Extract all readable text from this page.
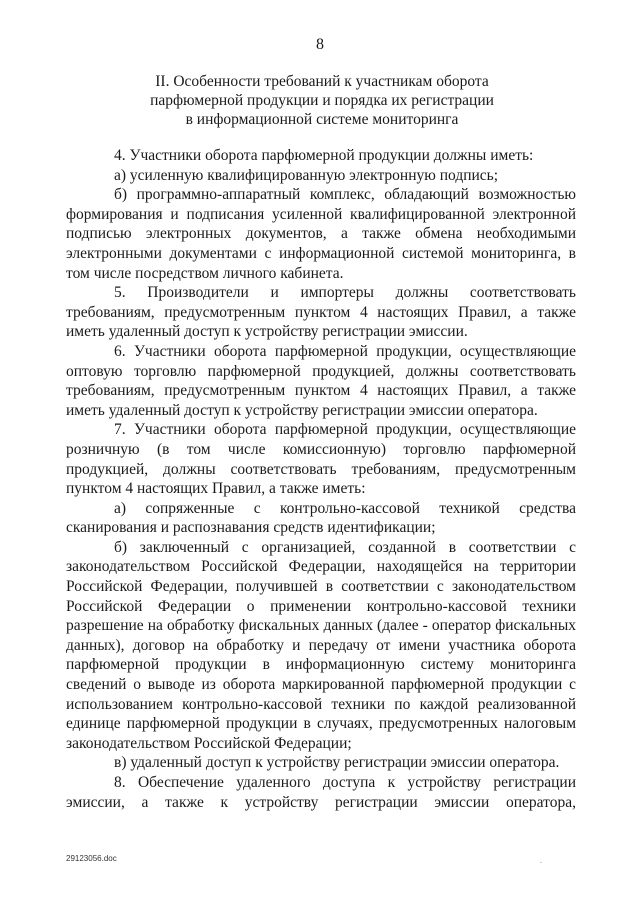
8
II. Особенности требований к участникам оборота
парфюмерной продукции и порядка их регистрации
в информационной системе мониторинга

4. Участники оборота парфюмерной продукции должны иметь:

а) усиленную квалифицированную электронную подпись;

б) программно-аппаратный комплекс, обладающий возможностью формирования и подписания усиленной квалифицированной электронной подписью электронных документов, а также обмена необходимыми электронными документами с информационной системой мониторинга, в том числе посредством личного кабинета.

5. Производители и импортеры должны соответствовать требованиям, предусмотренным пунктом 4 настоящих Правил, а также иметь удаленный доступ к устройству регистрации эмиссии.

6. Участники оборота парфюмерной продукции, осуществляющие оптовую торговлю парфюмерной продукцией, должны соответствовать требованиям, предусмотренным пунктом 4 настоящих Правил, а также иметь удаленный доступ к устройству регистрации эмиссии оператора.

7. Участники оборота парфюмерной продукции, осуществляющие розничную (в том числе комиссионную) торговлю парфюмерной продукцией, должны соответствовать требованиям, предусмотренным пунктом 4 настоящих Правил, а также иметь:

а) сопряженные с контрольно-кассовой техникой средства сканирования и распознавания средств идентификации;

б) заключенный с организацией, созданной в соответствии с законодательством Российской Федерации, находящейся на территории Российской Федерации, получившей в соответствии с законодательством Российской Федерации о применении контрольно-кассовой техники разрешение на обработку фискальных данных (далее - оператор фискальных данных), договор на обработку и передачу от имени участника оборота парфюмерной продукции в информационную систему мониторинга сведений о выводе из оборота маркированной парфюмерной продукции с использованием контрольно-кассовой техники по каждой реализованной единице парфюмерной продукции в случаях, предусмотренных налоговым законодательством Российской Федерации;

в) удаленный доступ к устройству регистрации эмиссии оператора.

8. Обеспечение удаленного доступа к устройству регистрации эмиссии, а также к устройству регистрации эмиссии оператора,

29123056.doc	.
